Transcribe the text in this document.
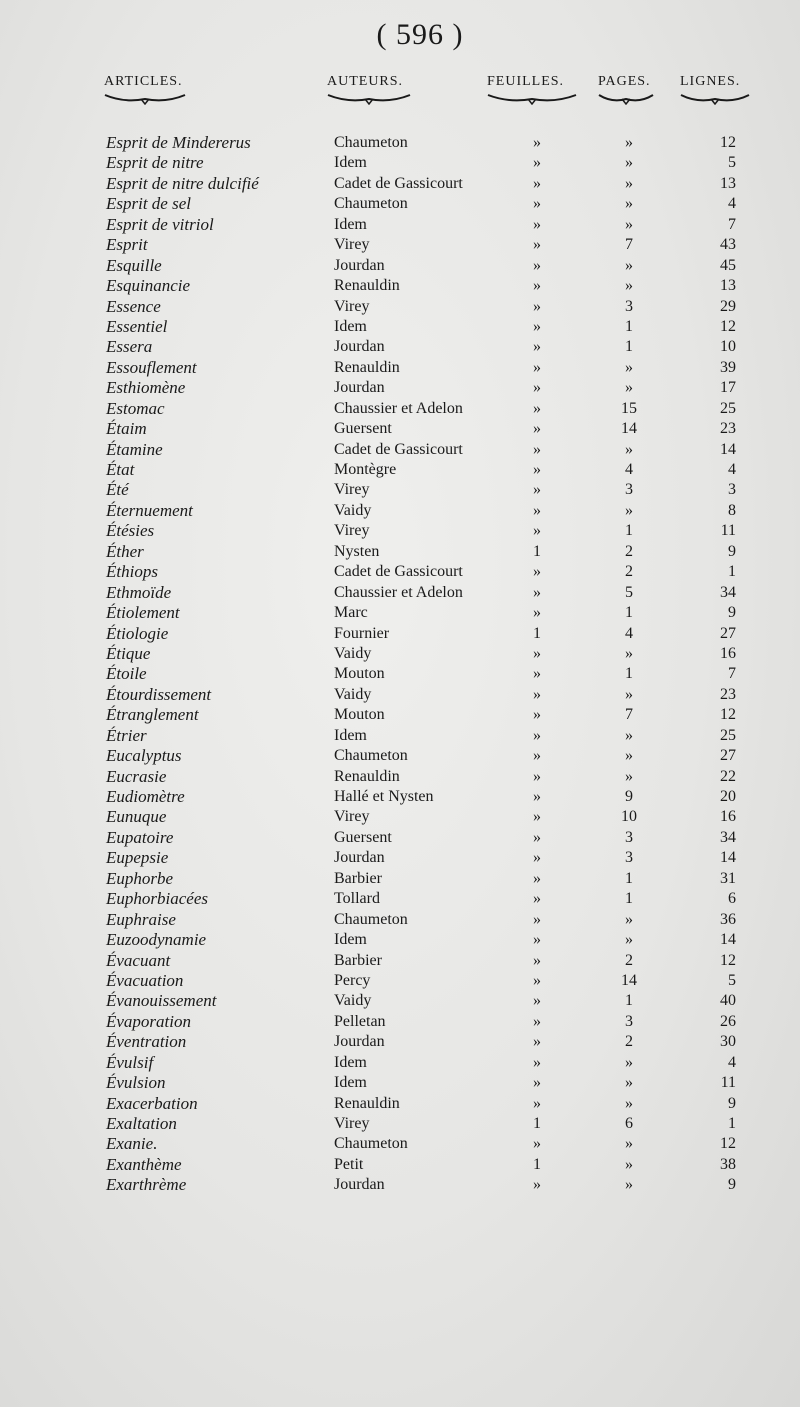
( 596 )
ARTICLES.	AUTEURS.	FEUILLES.	PAGES. LIGNES.
Esprit de Mindererus	Chaumeton	»	»	12
Esprit de nitre	Idem	»	»	5
Esprit de nitre dulcifié	Cadet de Gassicourt	»	»	13
Esprit de sel	Chaumeton	»	»	4
Esprit de vitriol	Idem	»	»	7
Esprit	Virey	»	7	43
Esquille	Jourdan	»	»	45
Esquinancie	Renauldin	»	»	13
Essence	Virey	»	3	29
Essentiel	Idem	»	1	12
Essera	Jourdan	»	1	10
Essouflement	Renauldin	»	»	39
Esthiomène	Jourdan	»	»	17
Estomac	Chaussier et Adelon	»	15	25
Étaim	Guersent	»	14	23
Étamine	Cadet de Gassicourt	»	»	14
État	Montègre	»	4	4
Été	Virey	»	3	3
Éternuement	Vaidy	»	»	8
Étésies	Virey	»	1	11
Éther	Nysten	1	2	9
Éthiops	Cadet de Gassicourt	»	2	1
Ethmoïde	Chaussier et Adelon	»	5	34
Étiolement	Marc	»	1	9
Étiologie	Fournier	1	4	27
Étique	Vaidy	»	»	16
Étoile	Mouton	»	1	7
Étourdissement	Vaidy	»	»	23
Étranglement	Mouton	»	7	12
Étrier	Idem	»	»	25
Eucalyptus	Chaumeton	»	»	27
Eucrasie	Renauldin	»	»	22
Eudiomètre	Hallé et Nysten	»	9	20
Eunuque	Virey	»	10	16
Eupatoire	Guersent	»	3	34
Eupepsie	Jourdan	»	3	14
Euphorbe	Barbier	»	1	31
Euphorbiacées	Tollard	»	1	6
Euphraise	Chaumeton	»	»	36
Euzoodynamie	Idem	»	»	14
Évacuant	Barbier	»	2	12
Évacuation	Percy	»	14	5
Évanouissement	Vaidy	»	1	40
Évaporation	Pelletan	»	3	26
Éventration	Jourdan	»	2	30
Évulsif	Idem	»	»	4
Évulsion	Idem	»	»	11
Exacerbation	Renauldin	»	»	9
Exaltation	Virey	1	6	1
Exanie.	Chaumeton	»	»	12
Exanthème	Petit	1	»	38
Exarthrème	Jourdan	»	»	9
